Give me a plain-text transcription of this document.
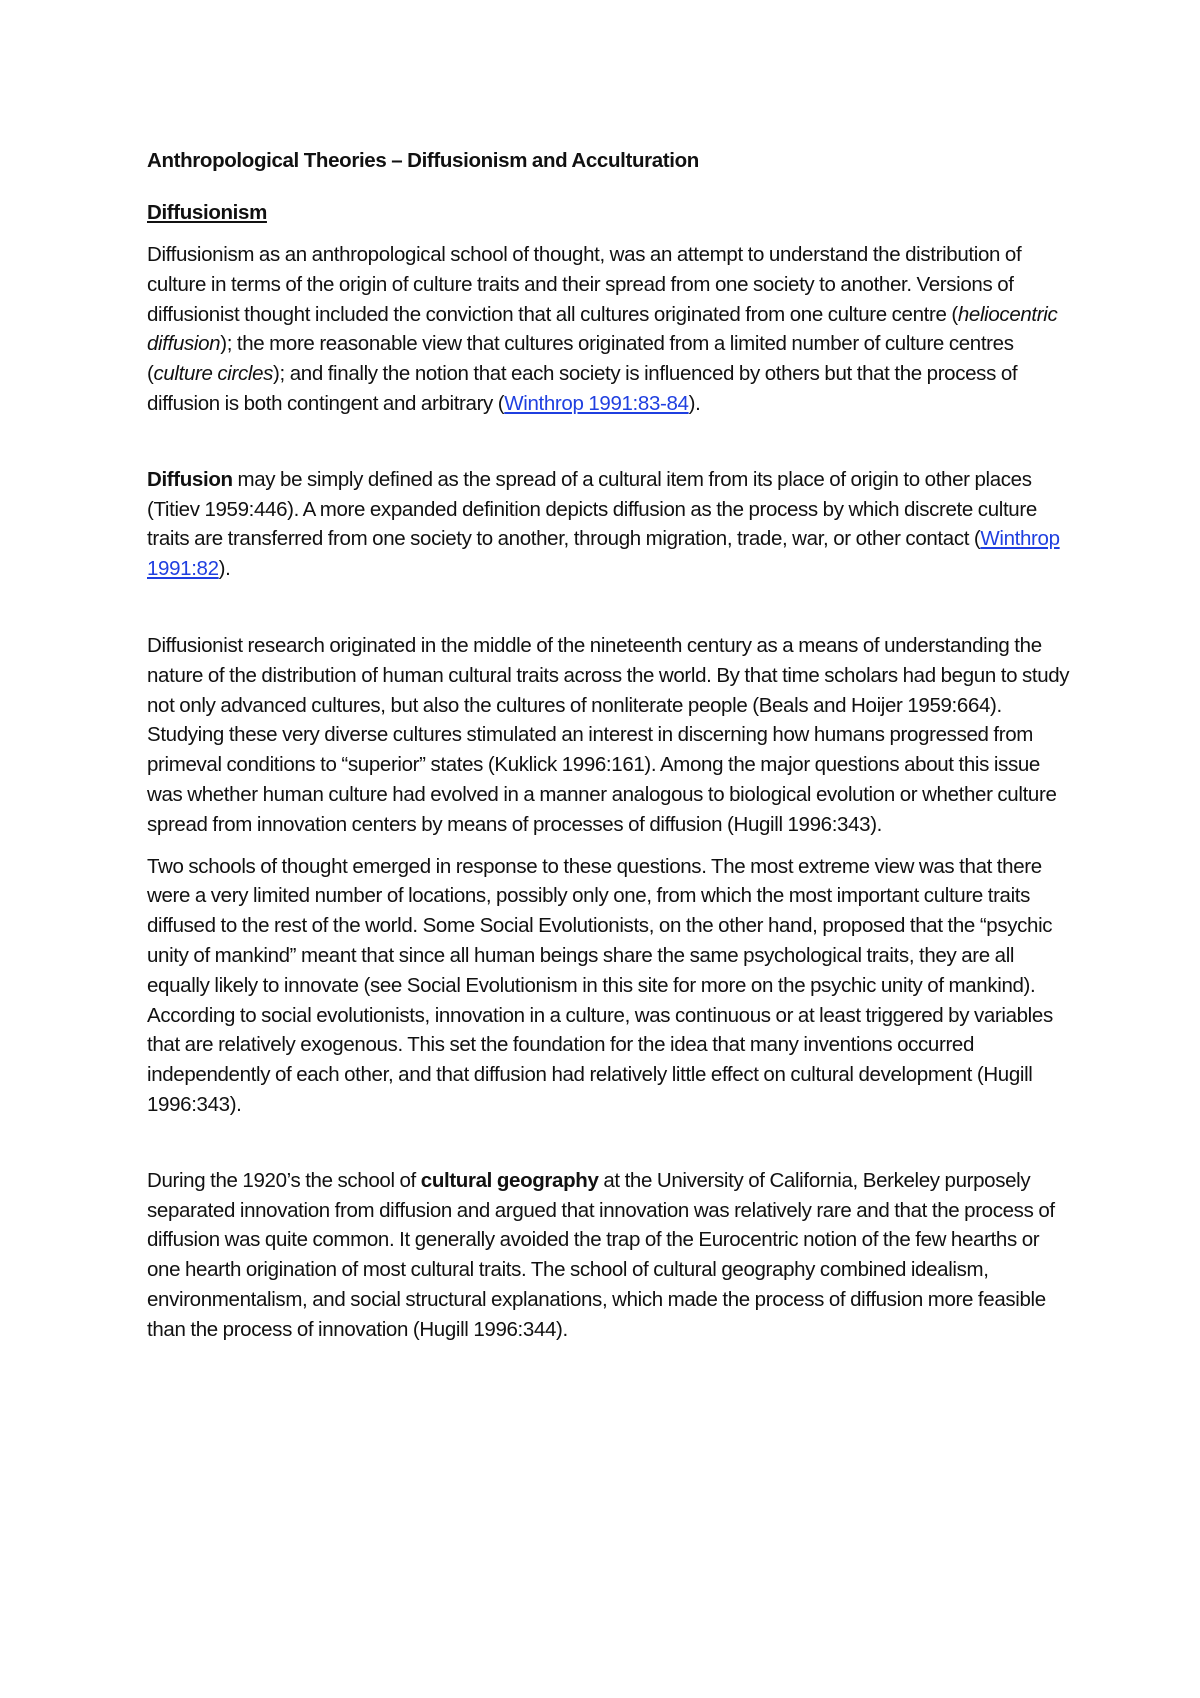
Anthropological Theories – Diffusionism and Acculturation

Diffusionism

Diffusionism as an anthropological school of thought, was an attempt to understand the distribution of culture in terms of the origin of culture traits and their spread from one society to another. Versions of diffusionist thought included the conviction that all cultures originated from one culture centre (heliocentric diffusion); the more reasonable view that cultures originated from a limited number of culture centres (culture circles); and finally the notion that each society is influenced by others but that the process of diffusion is both contingent and arbitrary (Winthrop 1991:83-84).

Diffusion may be simply defined as the spread of a cultural item from its place of origin to other places (Titiev 1959:446). A more expanded definition depicts diffusion as the process by which discrete culture traits are transferred from one society to another, through migration, trade, war, or other contact (Winthrop 1991:82).

Diffusionist research originated in the middle of the nineteenth century as a means of understanding the nature of the distribution of human cultural traits across the world. By that time scholars had begun to study not only advanced cultures, but also the cultures of nonliterate people (Beals and Hoijer 1959:664). Studying these very diverse cultures stimulated an interest in discerning how humans progressed from primeval conditions to “superior” states (Kuklick 1996:161). Among the major questions about this issue was whether human culture had evolved in a manner analogous to biological evolution or whether culture spread from innovation centers by means of processes of diffusion (Hugill 1996:343).

Two schools of thought emerged in response to these questions. The most extreme view was that there were a very limited number of locations, possibly only one, from which the most important culture traits diffused to the rest of the world. Some Social Evolutionists, on the other hand, proposed that the “psychic unity of mankind” meant that since all human beings share the same psychological traits, they are all equally likely to innovate (see Social Evolutionism in this site for more on the psychic unity of mankind). According to social evolutionists, innovation in a culture, was continuous or at least triggered by variables that are relatively exogenous. This set the foundation for the idea that many inventions occurred independently of each other, and that diffusion had relatively little effect on cultural development (Hugill 1996:343).

During the 1920’s the school of cultural geography at the University of California, Berkeley purposely separated innovation from diffusion and argued that innovation was relatively rare and that the process of diffusion was quite common. It generally avoided the trap of the Eurocentric notion of the few hearths or one hearth origination of most cultural traits. The school of cultural geography combined idealism, environmentalism, and social structural explanations, which made the process of diffusion more feasible than the process of innovation (Hugill 1996:344).
